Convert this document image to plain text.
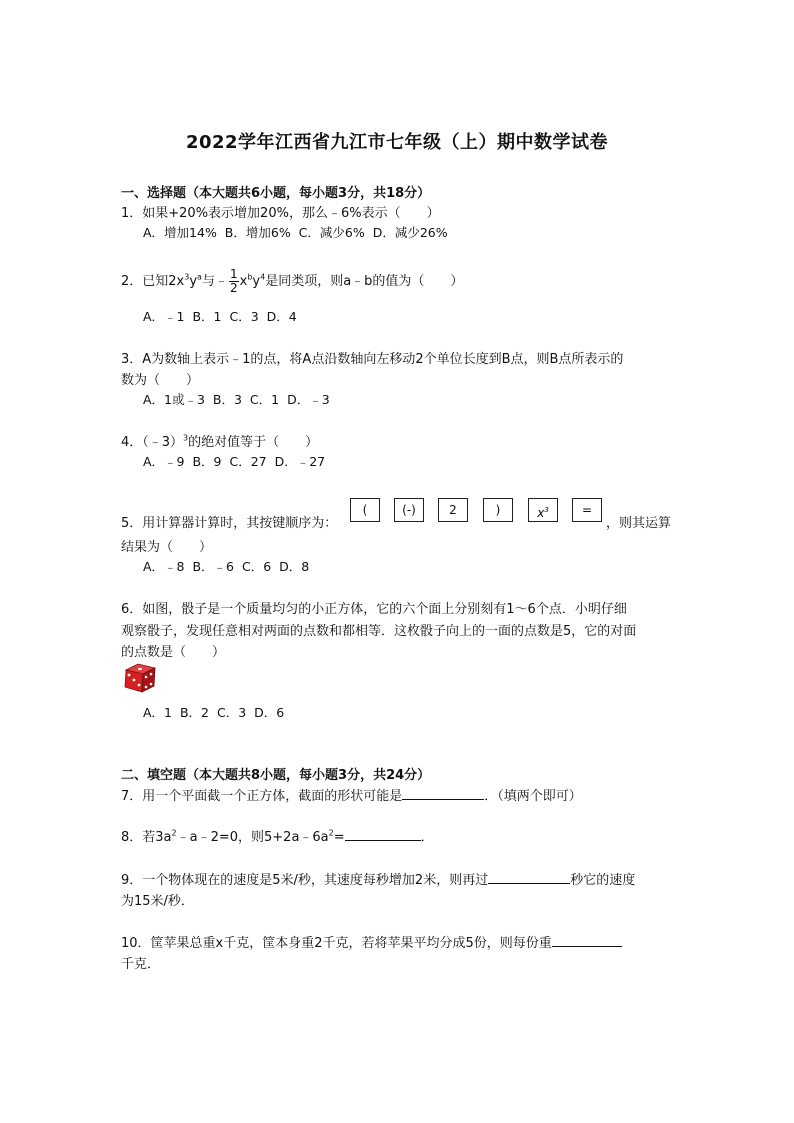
2022学年江西省九江市七年级（上）期中数学试卷
一、选择题（本大题共6小题，每小题3分，共18分）
1．如果+20%表示增加20%，那么﹣6%表示（　　）
A．增加14% B．增加6% C．减少6% D．减少26%
2．已知$2x^3y^a$与﹣ $\frac{1}{2} x^by^4$是同类项，则a﹣b的值为（　　）
A．﹣1 B．1 C．3 D．4
3．A为数轴上表示﹣1的点，将A点沿数轴向左移动2个单位长度到B点，则B点所表示的
数为（　　）
A．1或﹣3 B．3 C．1 D．﹣3
4．（﹣3）$^3$的绝对值等于（　　）
A．﹣9 B．9 C．27 D．﹣27
5．用计算器计算时，其按键顺序为：
(	(-)	2	)	$x^3$	=
，则其运算
结果为（　　）
A．﹣8 B．﹣6 C．6 D．8
6．如图，骰子是一个质量均匀的小正方体，它的六个面上分别刻有1～6个点．小明仔细
观察骰子，发现任意相对两面的点数和都相等．这枚骰子向上的一面的点数是5，它的对面
的点数是（　　）
A．1 B．2 C．3 D．6
二、填空题（本大题共8小题，每小题3分，共24分）
7．用一个平面截一个正方体，截面的形状可能是	．（填两个即可）
8．若$3a^2﹣a﹣2=0$，则$5+2a﹣6a^2=$	．
9．一个物体现在的速度是5米/秒，其速度每秒增加2米，则再过	秒它的速度
为15米/秒．
10．筐苹果总重x千克，筐本身重2千克，若将苹果平均分成5份，则每份重
千克．
